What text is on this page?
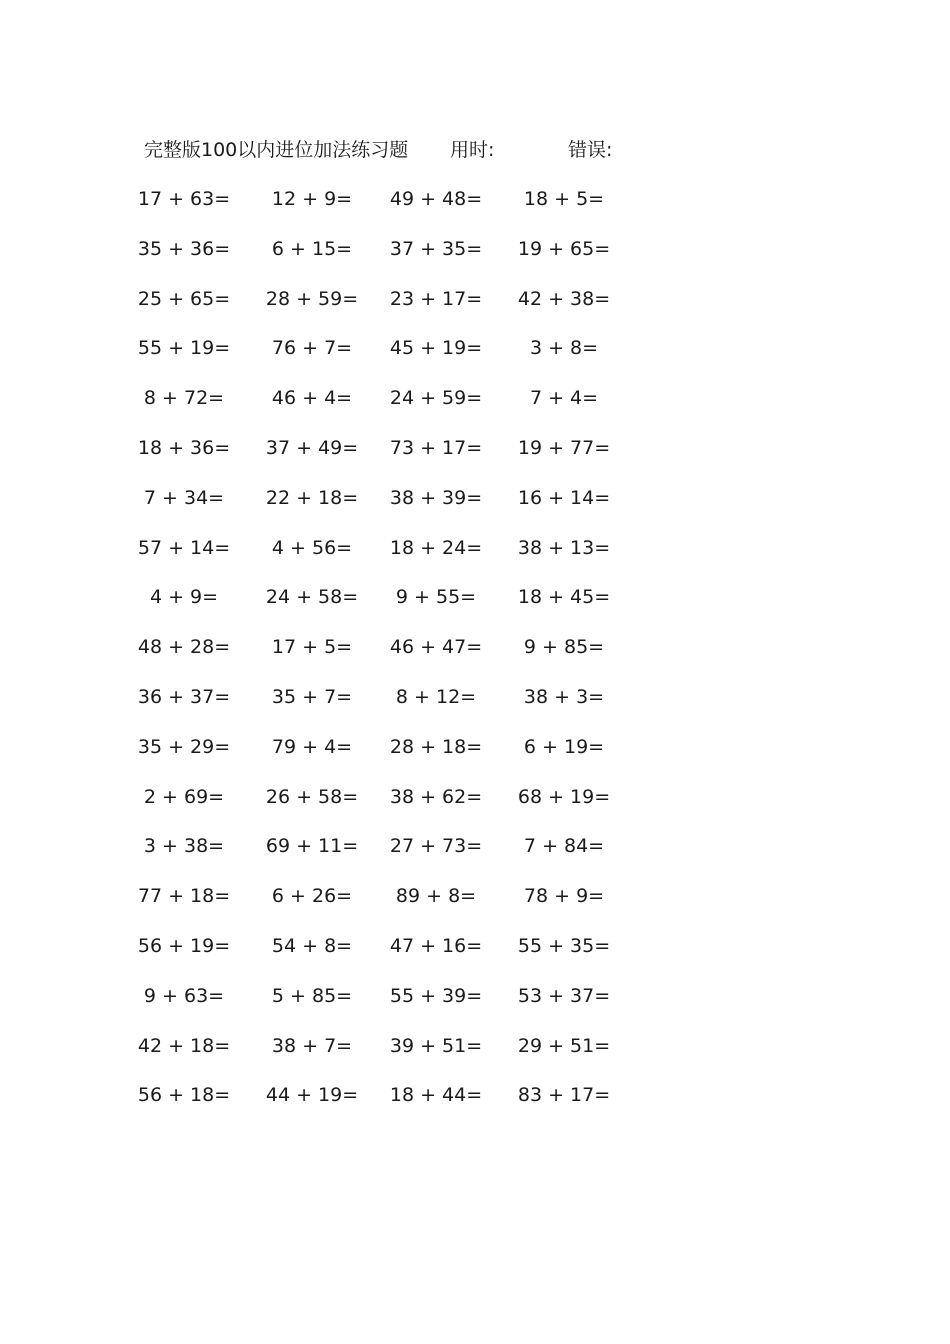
完整版100以内进位加法练习题 用时:	错误:
17 + 63=	12 + 9=	49 + 48=	18 + 5=
35 + 36=	6 + 15=	37 + 35=	19 + 65=
25 + 65=	28 + 59=	23 + 17=	42 + 38=
55 + 19=	76 + 7=	45 + 19=	3 + 8=
8 + 72=	46 + 4=	24 + 59=	7 + 4=
18 + 36=	37 + 49=	73 + 17=	19 + 77=
7 + 34=	22 + 18=	38 + 39=	16 + 14=
57 + 14=	4 + 56=	18 + 24=	38 + 13=
4 + 9=	24 + 58=	9 + 55=	18 + 45=
48 + 28=	17 + 5=	46 + 47=	9 + 85=
36 + 37=	35 + 7=	8 + 12=	38 + 3=
35 + 29=	79 + 4=	28 + 18=	6 + 19=
2 + 69=	26 + 58=	38 + 62=	68 + 19=
3 + 38=	69 + 11=	27 + 73=	7 + 84=
77 + 18=	6 + 26=	89 + 8=	78 + 9=
56 + 19=	54 + 8=	47 + 16=	55 + 35=
9 + 63=	5 + 85=	55 + 39=	53 + 37=
42 + 18=	38 + 7=	39 + 51=	29 + 51=
56 + 18=	44 + 19=	18 + 44=	83 + 17=
